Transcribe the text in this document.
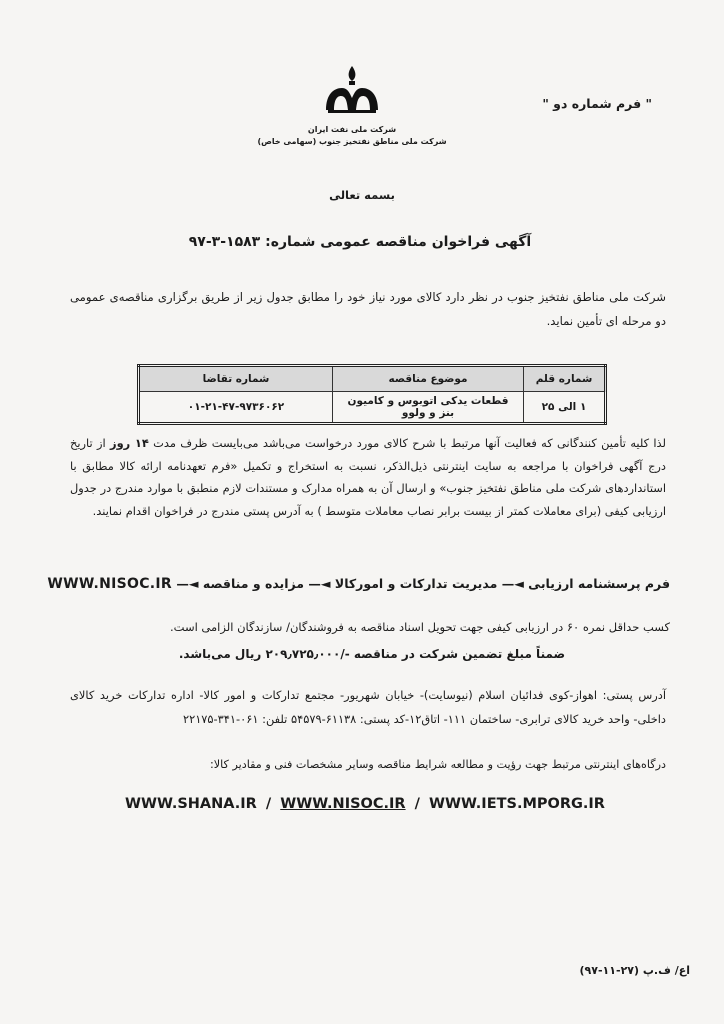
" فرم شماره دو "
شرکت ملی نفت ایران
شرکت ملی مناطق نفتخیز جنوب (سهامی خاص)
بسمه تعالی
آگهی فراخوان مناقصه عمومی شماره: ۱۵۸۳-۳-۹۷
شرکت ملی مناطق نفتخیز جنوب در نظر دارد کالای مورد نیاز خود را مطابق جدول زیر از طریق برگزاری مناقصه‌ی عمومی دو مرحله ای تأمین نماید.
شماره قلم	موضوع مناقصه	شماره تقاضا
۱ الی ۲۵	قطعات یدکی اتوبوس و کامیون بنز و ولوو	۰۱-۲۱-۴۷-۹۷۳۶۰۶۲
لذا کلیه تأمین کنندگانی که فعالیت آنها مرتبط با شرح کالای مورد درخواست می‌باشد می‌بایست ظرف مدت ۱۴ روز از تاریخ درج آگهی فراخوان با مراجعه به سایت اینترنتی ذیل‌الذکر، نسبت به استخراج و تکمیل «فرم تعهدنامه ارائه کالا مطابق با استانداردهای شرکت ملی مناطق نفتخیز جنوب» و ارسال آن به همراه مدارک و مستندات لازم منطبق با موارد مندرج در جدول ارزیابی کیفی (برای معاملات کمتر از بیست برابر نصاب معاملات متوسط ) به آدرس پستی مندرج در فراخوان اقدام نمایند.
فرم پرسشنامه ارزیابی ◄— مدیریت تدارکات و امورکالا ◄— مزایده و مناقصه ◄— WWW.NISOC.IR
کسب حداقل نمره ۶۰ در ارزیابی کیفی جهت تحویل اسناد مناقصه به فروشندگان/ سازندگان الزامی است.
ضمناً مبلغ تضمین شرکت در مناقصه -/۲۰۹٫۷۲۵٫۰۰۰ ریال می‌باشد.
آدرس پستی: اهواز-کوی فدائیان اسلام (نیوسایت)- خیابان شهریور- مجتمع تدارکات و امور کالا- اداره تدارکات خرید کالای داخلی- واحد خرید کالای ترابری- ساختمان ۱۱۱- اتاق۱۲-کد پستی: ۶۱۱۳۸-۵۴۵۷۹ تلفن: ۰۶۱-۳۴۱-۲۲۱۷۵
درگاه‌های اینترنتی مرتبط جهت رؤیت و مطالعه شرایط مناقصه وسایر مشخصات فنی و مقادیر کالا:
WWW.SHANA.IR / WWW.NISOC.IR / WWW.IETS.MPORG.IR
اع/ ف.پ (۲۷-۱۱-۹۷)
